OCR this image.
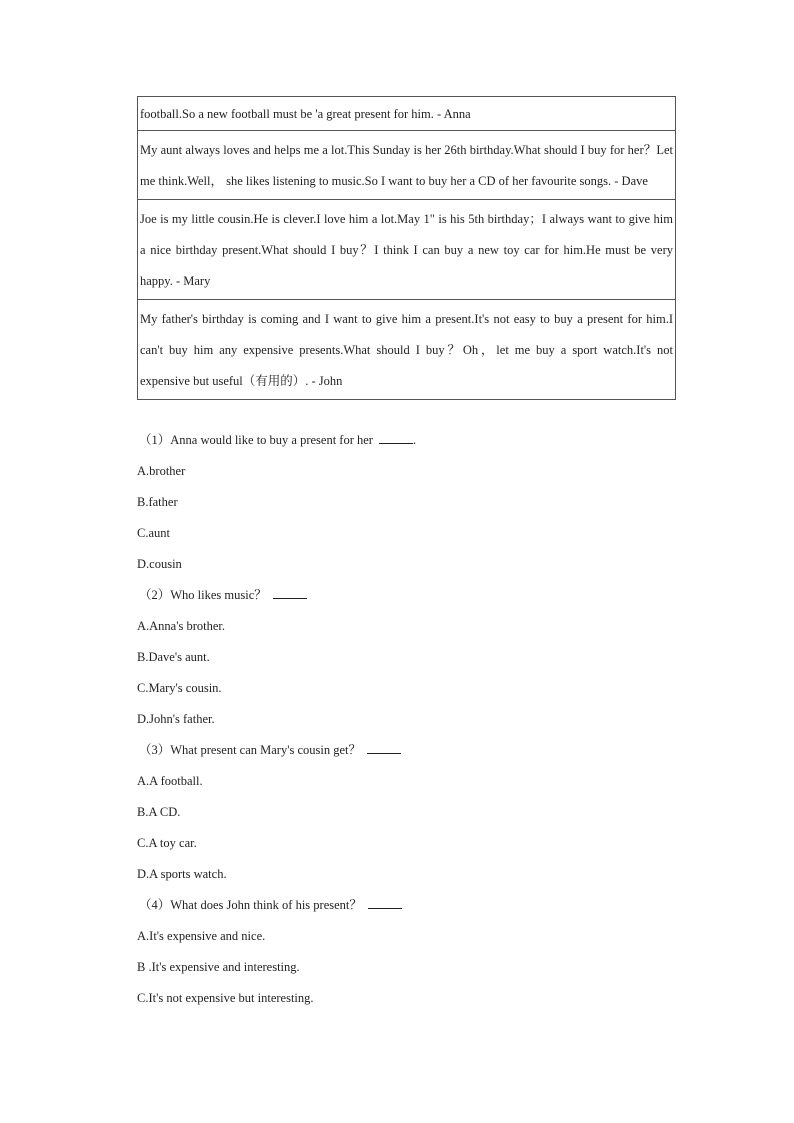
football.So a new football must be 'a great present for him. - Anna
My aunt always loves and helps me a lot.This Sunday is her 26th birthday.What should I buy for her？Let me think.Well， she likes listening to music.So I want to buy her a CD of her favourite songs. - Dave
Joe is my little cousin.He is clever.I love him a lot.May 1" is his 5th birthday；I always want to give him a nice birthday present.What should I buy？I think I can buy a new toy car for him.He must be very happy. - Mary
My father's birthday is coming and I want to give him a present.It's not easy to buy a present for him.I can't buy him any expensive presents.What should I buy？Oh，let me buy a sport watch.It's not expensive but useful（有用的）. - John
（1）Anna would like to buy a present for her	.
A.brother
B.father
C.aunt
D.cousin
（2）Who likes music？
A.Anna's brother.
B.Dave's aunt.
C.Mary's cousin.
D.John's father.
（3）What present can Mary's cousin get？
A.A football.
B.A CD.
C.A toy car.
D.A sports watch.
（4）What does John think of his present？
A.It's expensive and nice.
B .It's expensive and interesting.
C.It's not expensive but interesting.
